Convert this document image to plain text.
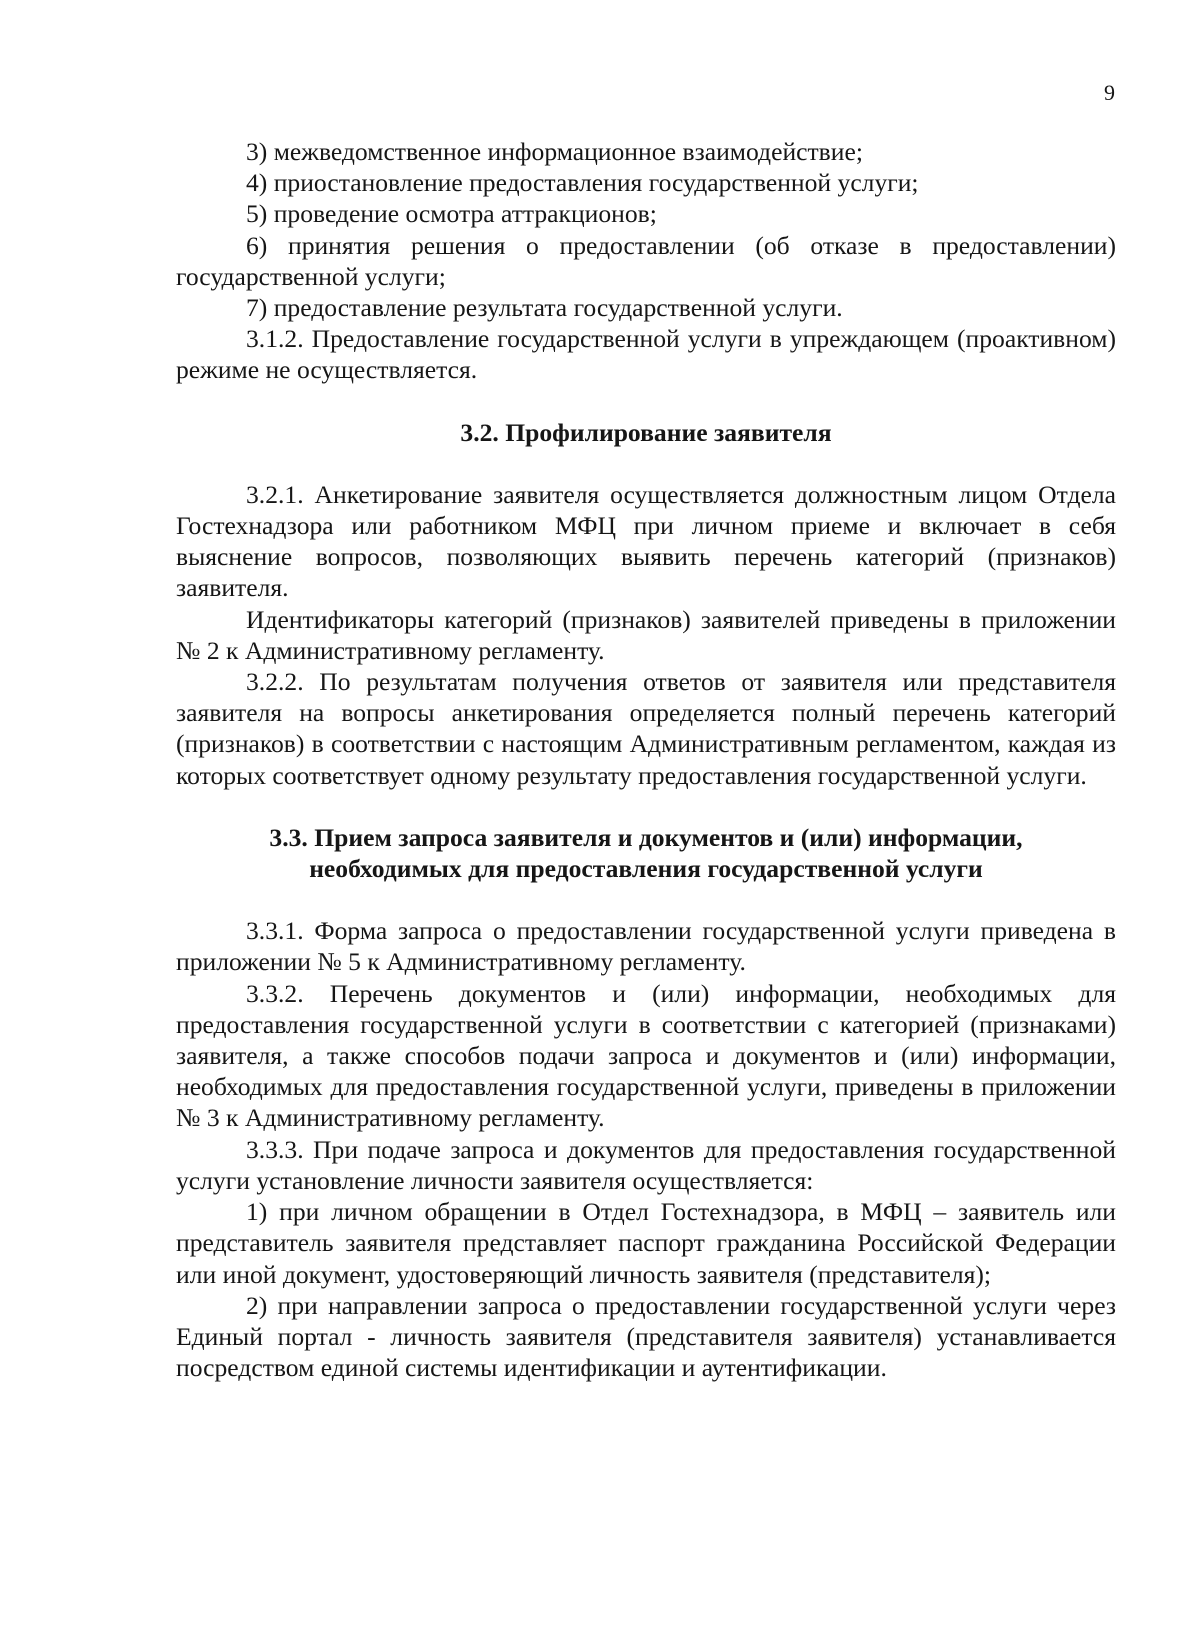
9

3) межведомственное информационное взаимодействие;

4) приостановление предоставления государственной услуги;

5) проведение осмотра аттракционов;

6) принятия решения о предоставлении (об отказе в предоставлении) государственной услуги;

7) предоставление результата государственной услуги.

3.1.2. Предоставление государственной услуги в упреждающем (проактивном) режиме не осуществляется.

3.2. Профилирование заявителя

3.2.1. Анкетирование заявителя осуществляется должностным лицом Отдела Гостехнадзора или работником МФЦ при личном приеме и включает в себя выяснение вопросов, позволяющих выявить перечень категорий (признаков) заявителя.

Идентификаторы категорий (признаков) заявителей приведены в приложении № 2 к Административному регламенту.

3.2.2. По результатам получения ответов от заявителя или представителя заявителя на вопросы анкетирования определяется полный перечень категорий (признаков) в соответствии с настоящим Административным регламентом, каждая из которых соответствует одному результату предоставления государственной услуги.

3.3. Прием запроса заявителя и документов и (или) информации,
необходимых для предоставления государственной услуги

3.3.1. Форма запроса о предоставлении государственной услуги приведена в приложении № 5 к Административному регламенту.

3.3.2. Перечень документов и (или) информации, необходимых для предоставления государственной услуги в соответствии с категорией (признаками) заявителя, а также способов подачи запроса и документов и (или) информации, необходимых для предоставления государственной услуги, приведены в приложении № 3 к Административному регламенту.

3.3.3. При подаче запроса и документов для предоставления государственной услуги установление личности заявителя осуществляется:

1) при личном обращении в Отдел Гостехнадзора, в МФЦ – заявитель или представитель заявителя представляет паспорт гражданина Российской Федерации или иной документ, удостоверяющий личность заявителя (представителя);

2) при направлении запроса о предоставлении государственной услуги через Единый портал - личность заявителя (представителя заявителя) устанавливается посредством единой системы идентификации и аутентификации.
